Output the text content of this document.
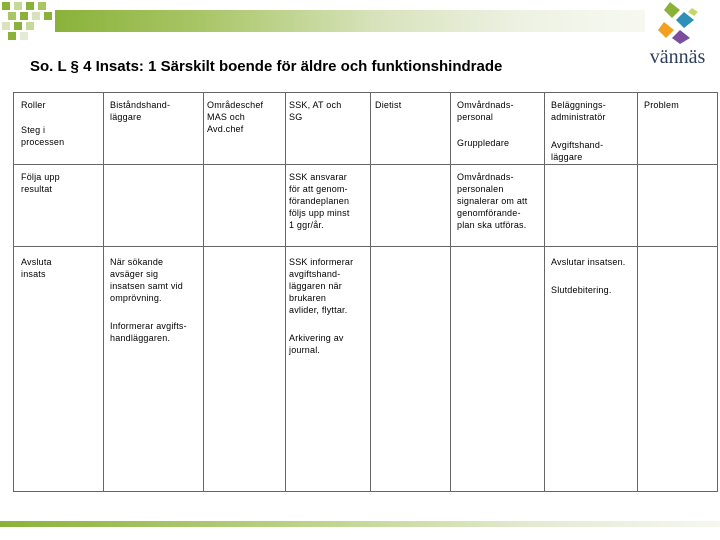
vännäs
So. L § 4 Insats: 1 Särskilt boende för äldre och funktionshindrade
Roller
Steg i
processen
Biståndshand-
läggare
Områdeschef
MAS och
Avd.chef
SSK, AT och
SG
Dietist	Omvårdnads-
personal
Gruppledare
Beläggnings-
administratör
Avgiftshand-
läggare
Problem
Följa upp
resultat
SSK ansvarar
för att genom-
förandeplanen
följs upp minst
1 ggr/år.
Omvårdnads-
personalen
signalerar om att
genomförande-
plan ska utföras.
Avsluta
insats
När sökande
avsäger sig
insatsen samt vid
omprövning.
Informerar avgifts-
handläggaren.
SSK informerar
avgiftshand-
läggaren när
brukaren
avlider, flyttar.
Arkivering av
journal.
Avslutar insatsen.
Slutdebitering.
